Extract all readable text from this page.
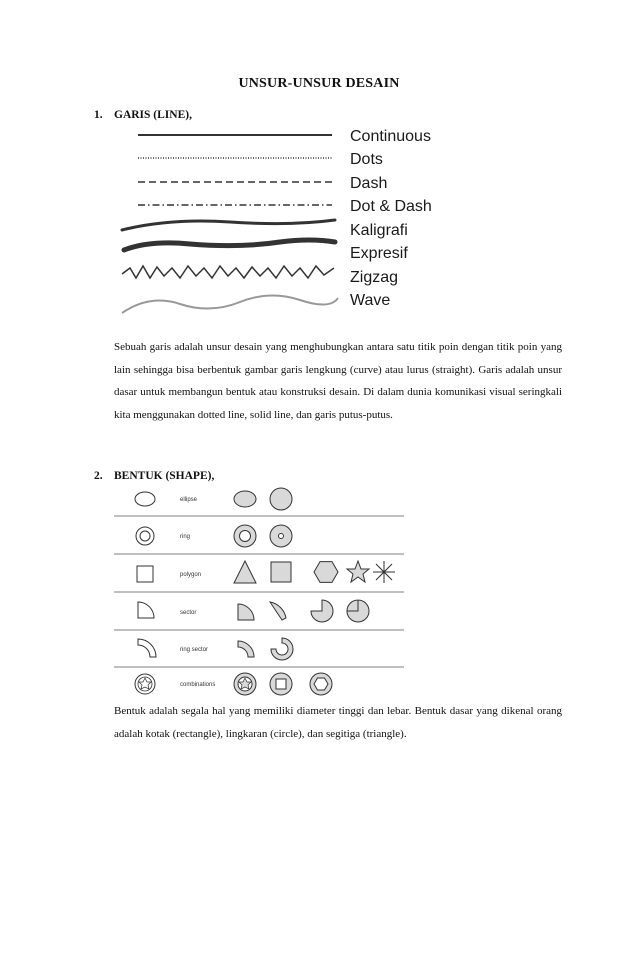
UNSUR-UNSUR DESAIN
1. GARIS (LINE),
Continuous
Dots
Dash
Dot & Dash
Kaligrafi
Expresif
Zigzag
Wave
Sebuah garis adalah unsur desain yang menghubungkan antara satu titik poin dengan titik poin yang lain sehingga bisa berbentuk gambar garis lengkung (curve) atau lurus (straight). Garis adalah unsur dasar untuk membangun bentuk atau konstruksi desain. Di dalam dunia komunikasi visual seringkali kita menggunakan dotted line, solid line, dan garis putus-putus.
2. BENTUK (SHAPE),
ellipse
ring
polygon
sector
ring sector
combinations
Bentuk adalah segala hal yang memiliki diameter tinggi dan lebar. Bentuk dasar yang dikenal orang adalah kotak (rectangle), lingkaran (circle), dan segitiga (triangle).
